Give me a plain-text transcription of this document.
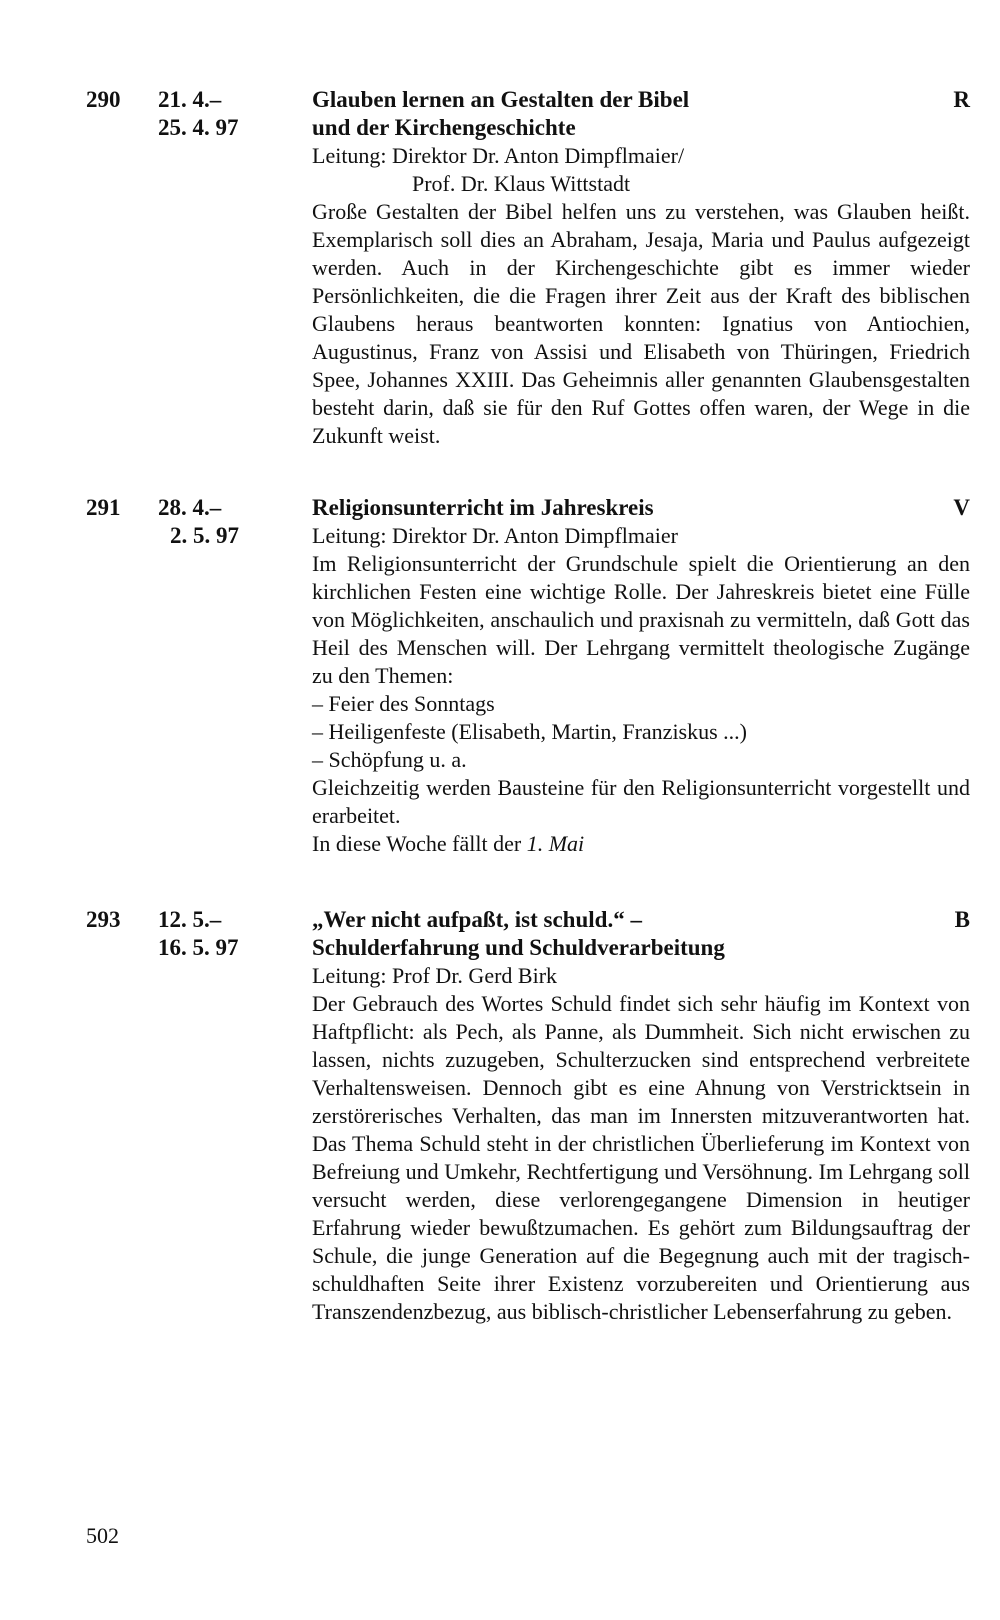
290 21. 4.–
25. 4. 97
Glauben lernen an Gestalten der Bibel
und der Kirchengeschichte
R
Leitung: Direktor Dr. Anton Dimpflmaier/
Prof. Dr. Klaus Wittstadt

Große Gestalten der Bibel helfen uns zu verstehen, was Glauben heißt. Exemplarisch soll dies an Abraham, Jesaja, Maria und Paulus aufgezeigt werden. Auch in der Kirchengeschichte gibt es immer wieder Persönlichkeiten, die die Fragen ihrer Zeit aus der Kraft des biblischen Glaubens heraus beantworten konnten: Ignatius von Antiochien, Augustinus, Franz von Assisi und Elisabeth von Thüringen, Friedrich Spee, Johannes XXIII. Das Geheimnis aller genannten Glaubensgestalten besteht darin, daß sie für den Ruf Gottes offen waren, der Wege in die Zukunft weist.

291 28. 4.–
2. 5. 97
Religionsunterricht im Jahreskreis	V
Leitung: Direktor Dr. Anton Dimpflmaier

Im Religionsunterricht der Grundschule spielt die Orientierung an den kirchlichen Festen eine wichtige Rolle. Der Jahreskreis bietet eine Fülle von Möglichkeiten, anschaulich und praxisnah zu vermitteln, daß Gott das Heil des Menschen will. Der Lehrgang vermittelt theologische Zugänge zu den Themen:

– Feier des Sonntags
– Heiligenfeste (Elisabeth, Martin, Franziskus ...)
– Schöpfung u. a.
Gleichzeitig werden Bausteine für den Religionsunterricht vorgestellt und erarbeitet.
In diese Woche fällt der 1. Mai
293 12. 5.–
16. 5. 97
„Wer nicht aufpaßt, ist schuld.“ –
Schulderfahrung und Schuldverarbeitung
B
Leitung: Prof Dr. Gerd Birk

Der Gebrauch des Wortes Schuld findet sich sehr häufig im Kontext von Haftpflicht: als Pech, als Panne, als Dummheit. Sich nicht erwischen zu lassen, nichts zuzugeben, Schulterzucken sind entsprechend verbreitete Verhaltensweisen. Dennoch gibt es eine Ahnung von Verstricktsein in zerstörerisches Verhalten, das man im Innersten mitzuverantworten hat. Das Thema Schuld steht in der christlichen Überlieferung im Kontext von Befreiung und Umkehr, Rechtfertigung und Versöhnung. Im Lehrgang soll versucht werden, diese verlorengegangene Dimension in heutiger Erfahrung wieder bewußtzumachen. Es gehört zum Bildungsauftrag der Schule, die junge Generation auf die Begegnung auch mit der tragisch-schuldhaften Seite ihrer Existenz vorzubereiten und Orientierung aus Transzendenzbezug, aus biblisch-christlicher Lebenserfahrung zu geben.

502
